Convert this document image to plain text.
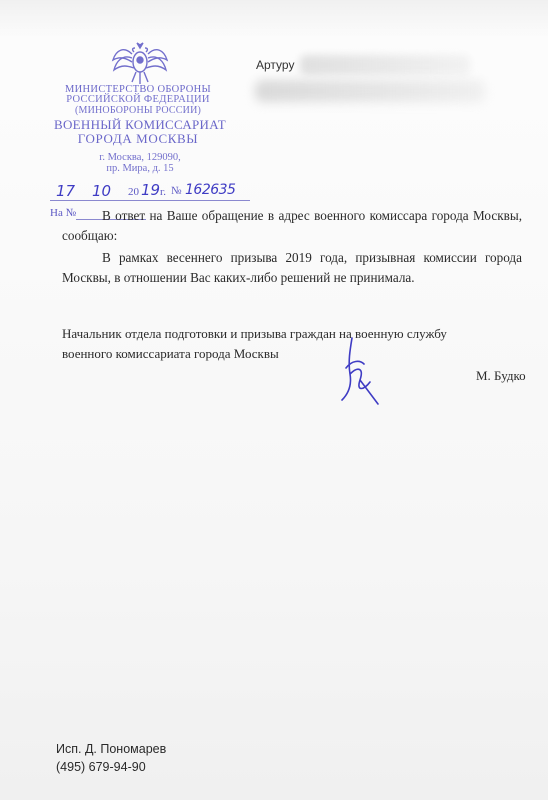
МИНИСТЕРСТВО ОБОРОНЫ
РОССИЙСКОЙ ФЕДЕРАЦИИ
(МИНОБОРОНЫ РОССИИ)
ВОЕННЫЙ КОМИССАРИАТ
ГОРОДА МОСКВЫ
г. Москва, 129090,
пр. Мира, д. 15
Артуру
17 10 20 19 г. № 162635
На №	В ответ на Ваше обращение в адрес военного комиссара города Москвы, сообщаю:
В рамках весеннего призыва 2019 года, призывная комиссии города Москвы, в отношении Вас каких-либо решений не принимала.
Начальник отдела подготовки и призыва граждан на военную службу
военного комиссариата города Москвы
М. Будко
Исп. Д. Пономарев
(495) 679-94-90
